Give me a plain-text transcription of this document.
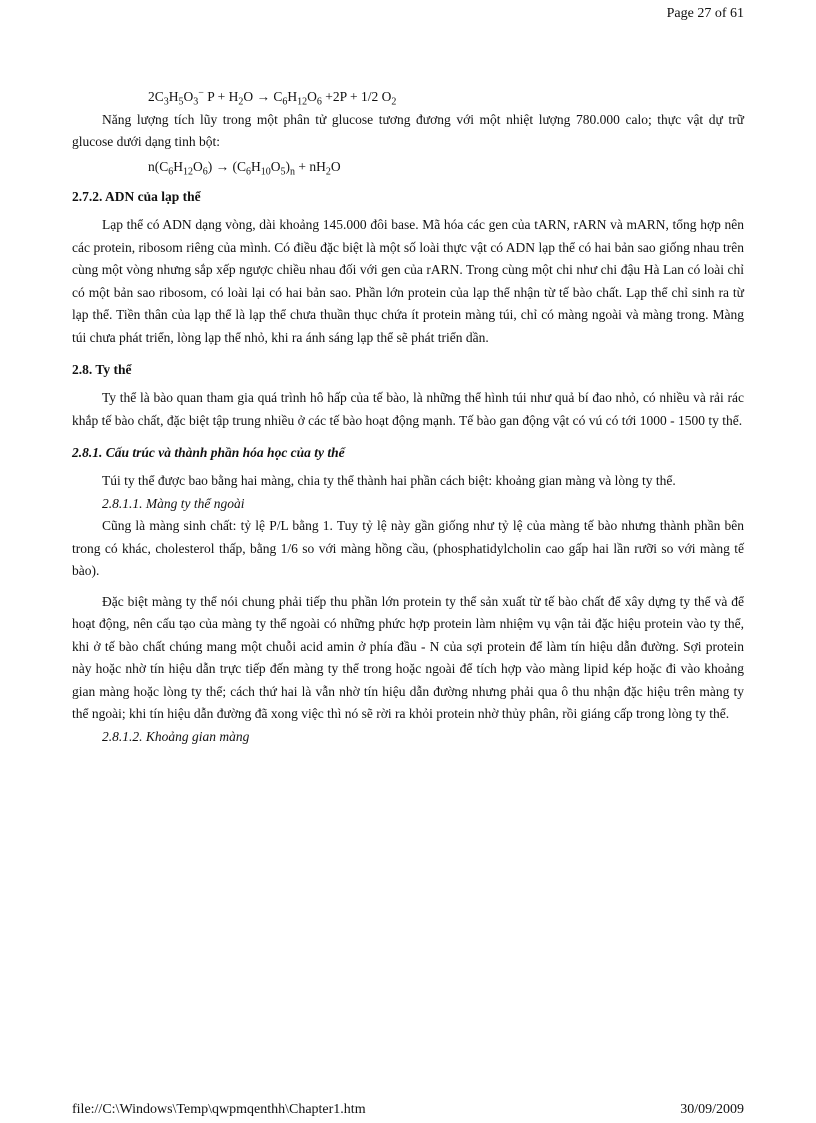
Page 27 of 61

$2C_3H_5O_3^-$ $P + H_2O \to C_6H_{12}O_6 +2P + 1/2$ $O_2$

Năng lượng tích lũy trong một phân tử glucose tương đương với một nhiệt lượng 780.000 calo; thực vật dự trữ glucose dưới dạng tinh bột:

$n(C_6H_{12}O_6) \to (C_6H_{10}O_5)_n + nH_2O$

2.7.2. ADN của lạp thể

Lạp thể có ADN dạng vòng, dài khoảng 145.000 đôi base. Mã hóa các gen của tARN, rARN và mARN, tổng hợp nên các protein, ribosom riêng của mình. Có điều đặc biệt là một số loài thực vật có ADN lạp thể có hai bản sao giống nhau trên cùng một vòng nhưng sắp xếp ngược chiều nhau đối với gen của rARN. Trong cùng một chi như chi đậu Hà Lan có loài chỉ có một bản sao ribosom, có loài lại có hai bản sao. Phần lớn protein của lạp thể nhận từ tế bào chất. Lạp thể chỉ sinh ra từ lạp thể. Tiền thân của lạp thể là lạp thể chưa thuần thục chứa ít protein màng túi, chỉ có màng ngoài và màng trong. Màng túi chưa phát triển, lòng lạp thể nhỏ, khi ra ánh sáng lạp thể sẽ phát triển dần.

2.8. Ty thể

Ty thể là bào quan tham gia quá trình hô hấp của tế bào, là những thể hình túi như quả bí đao nhỏ, có nhiều và rải rác khắp tế bào chất, đặc biệt tập trung nhiều ở các tế bào hoạt động mạnh. Tế bào gan động vật có vú có tới 1000 - 1500 ty thể.

2.8.1. Cấu trúc và thành phần hóa học của ty thể

Túi ty thể được bao bằng hai màng, chia ty thể thành hai phần cách biệt: khoảng gian màng và lòng ty thể.

2.8.1.1. Màng ty thể ngoài

Cũng là màng sinh chất: tỷ lệ P/L bằng 1. Tuy tỷ lệ này gần giống như tỷ lệ của màng tế bào nhưng thành phần bên trong có khác, cholesterol thấp, bằng 1/6 so với màng hồng cầu, (phosphatidylcholin cao gấp hai lần rưỡi so với màng tế bào).

Đặc biệt màng ty thể nói chung phải tiếp thu phần lớn protein ty thể sản xuất từ tế bào chất để xây dựng ty thể và để hoạt động, nên cấu tạo của màng ty thể ngoài có những phức hợp protein làm nhiệm vụ vận tải đặc hiệu protein vào ty thể, khi ở tế bào chất chúng mang một chuỗi acid amin ở phía đầu - N của sợi protein để làm tín hiệu dẫn đường. Sợi protein này hoặc nhờ tín hiệu dẫn trực tiếp đến màng ty thể trong hoặc ngoài để tích hợp vào màng lipid kép hoặc đi vào khoảng gian màng hoặc lòng ty thể; cách thứ hai là vẫn nhờ tín hiệu dẫn đường nhưng phải qua ô thu nhận đặc hiệu trên màng ty thể ngoài; khi tín hiệu dẫn đường đã xong việc thì nó sẽ rời ra khỏi protein nhờ thủy phân, rồi giáng cấp trong lòng ty thể.

2.8.1.2. Khoảng gian màng

file://C:\Windows\Temp\qwpmqenthh\Chapter1.htm	30/09/2009
